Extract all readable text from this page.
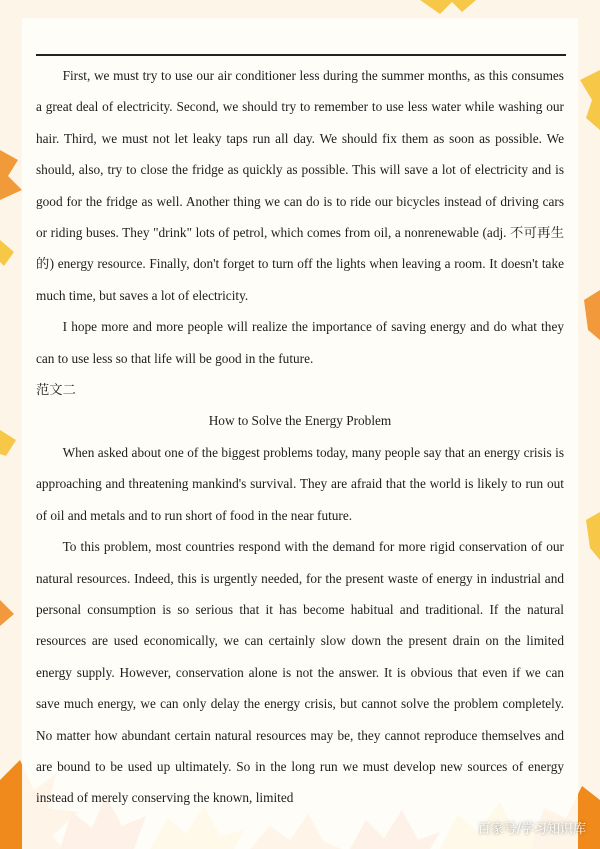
First, we must try to use our air conditioner less during the summer months, as this consumes a great deal of electricity. Second, we should try to remember to use less water while washing our hair. Third, we must not let leaky taps run all day. We should fix them as soon as possible. We should, also, try to close the fridge as quickly as possible. This will save a lot of electricity and is good for the fridge as well. Another thing we can do is to ride our bicycles instead of driving cars or riding buses. They "drink" lots of petrol, which comes from oil, a nonrenewable (adj. 不可再生的) energy resource. Finally, don't forget to turn off the lights when leaving a room. It doesn't take much time, but saves a lot of electricity.

I hope more and more people will realize the importance of saving energy and do what they can to use less so that life will be good in the future.

范文二

How to Solve the Energy Problem

When asked about one of the biggest problems today, many people say that an energy crisis is approaching and threatening mankind's survival. They are afraid that the world is likely to run out of oil and metals and to run short of food in the near future.

To this problem, most countries respond with the demand for more rigid conservation of our natural resources. Indeed, this is urgently needed, for the present waste of energy in industrial and personal consumption is so serious that it has become habitual and traditional. If the natural resources are used economically, we can certainly slow down the present drain on the limited energy supply. However, conservation alone is not the answer. It is obvious that even if we can save much energy, we can only delay the energy crisis, but cannot solve the problem completely. No matter how abundant certain natural resources may be, they cannot reproduce themselves and are bound to be used up ultimately. So in the long run we must develop new sources of energy instead of merely conserving the known, limited

百家号/学习知识库
